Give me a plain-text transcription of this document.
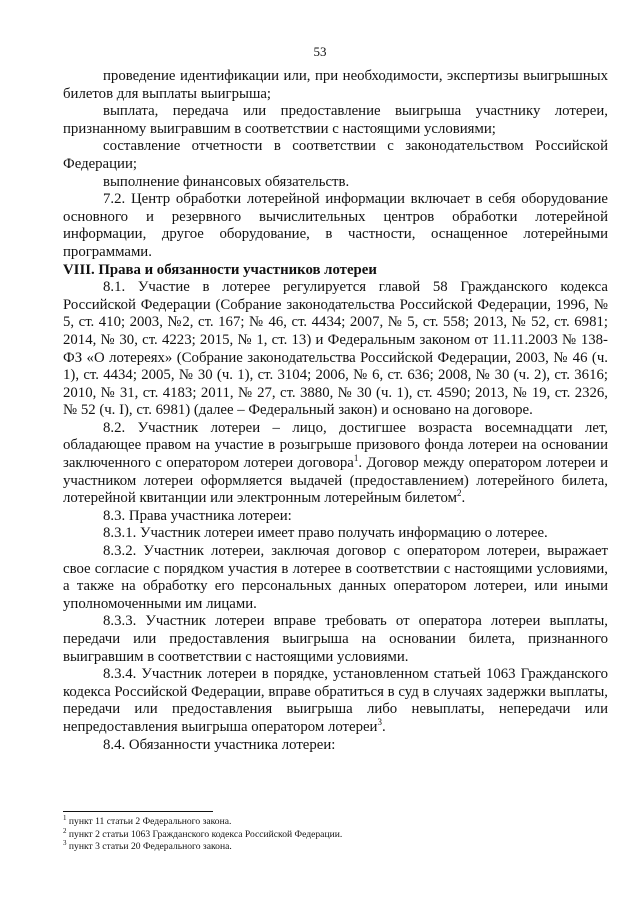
53

проведение идентификации или, при необходимости, экспертизы выигрышных билетов для выплаты выигрыша;

выплата, передача или предоставление выигрыша участнику лотереи, признанному выигравшим в соответствии с настоящими условиями;

составление отчетности в соответствии с законодательством Российской Федерации;

выполнение финансовых обязательств.

7.2. Центр обработки лотерейной информации включает в себя оборудование основного и резервного вычислительных центров обработки лотерейной информации, другое оборудование, в частности, оснащенное лотерейными программами.

VIII. Права и обязанности участников лотереи

8.1. Участие в лотерее регулируется главой 58 Гражданского кодекса Российской Федерации (Собрание законодательства Российской Федерации, 1996, № 5, ст. 410; 2003, №2, ст. 167; № 46, ст. 4434; 2007, № 5, ст. 558; 2013, № 52, ст. 6981; 2014, № 30, ст. 4223; 2015, № 1, ст. 13) и Федеральным законом от 11.11.2003 № 138-ФЗ «О лотереях» (Собрание законодательства Российской Федерации, 2003, № 46 (ч. 1), ст. 4434; 2005, № 30 (ч. 1), ст. 3104; 2006, № 6, ст. 636; 2008, № 30 (ч. 2), ст. 3616; 2010, № 31, ст. 4183; 2011, № 27, ст. 3880, № 30 (ч. 1), ст. 4590; 2013, № 19, ст. 2326, № 52 (ч. I), ст. 6981) (далее – Федеральный закон) и основано на договоре.

8.2. Участник лотереи – лицо, достигшее возраста восемнадцати лет, обладающее правом на участие в розыгрыше призового фонда лотереи на основании заключенного с оператором лотереи договора$^1$. Договор между оператором лотереи и участником лотереи оформляется выдачей (предоставлением) лотерейного билета, лотерейной квитанции или электронным лотерейным билетом$^2$.

8.3. Права участника лотереи:

8.3.1. Участник лотереи имеет право получать информацию о лотерее.

8.3.2. Участник лотереи, заключая договор с оператором лотереи, выражает свое согласие с порядком участия в лотерее в соответствии с настоящими условиями, а также на обработку его персональных данных оператором лотереи, или иными уполномоченными им лицами.

8.3.3. Участник лотереи вправе требовать от оператора лотереи выплаты, передачи или предоставления выигрыша на основании билета, признанного выигравшим в соответствии с настоящими условиями.

8.3.4. Участник лотереи в порядке, установленном статьей 1063 Гражданского кодекса Российской Федерации, вправе обратиться в суд в случаях задержки выплаты, передачи или предоставления выигрыша либо невыплаты, непередачи или непредоставления выигрыша оператором лотереи$^3$.

8.4. Обязанности участника лотереи:

$^1$ пункт 11 статьи 2 Федерального закона.
$^2$ пункт 2 статьи 1063 Гражданского кодекса Российской Федерации.
$^3$ пункт 3 статьи 20 Федерального закона.
